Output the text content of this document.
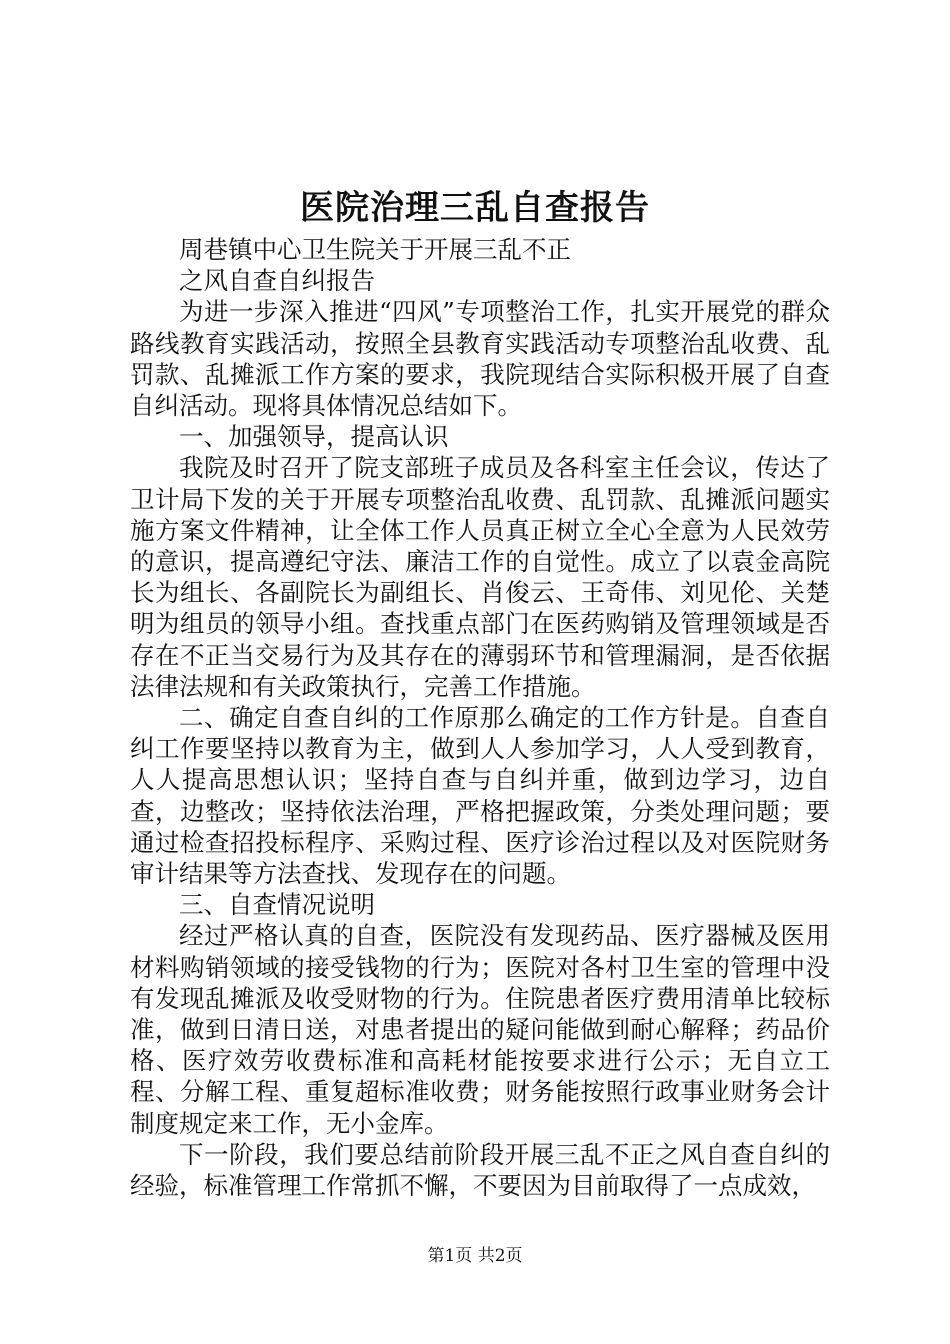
医院治理三乱自查报告

周巷镇中心卫生院关于开展三乱不正

之风自查自纠报告

为进一步深入推进“四风”专项整治工作，扎实开展党的群众路线教育实践活动，按照全县教育实践活动专项整治乱收费、乱罚款、乱摊派工作方案的要求，我院现结合实际积极开展了自查自纠活动。现将具体情况总结如下。

一、加强领导，提高认识

我院及时召开了院支部班子成员及各科室主任会议，传达了卫计局下发的关于开展专项整治乱收费、乱罚款、乱摊派问题实施方案文件精神，让全体工作人员真正树立全心全意为人民效劳的意识，提高遵纪守法、廉洁工作的自觉性。成立了以袁金高院长为组长、各副院长为副组长、肖俊云、王奇伟、刘见伦、关楚明为组员的领导小组。查找重点部门在医药购销及管理领域是否存在不正当交易行为及其存在的薄弱环节和管理漏洞，是否依据法律法规和有关政策执行，完善工作措施。

二、确定自查自纠的工作原那么确定的工作方针是。自查自纠工作要坚持以教育为主，做到人人参加学习，人人受到教育，人人提高思想认识；坚持自查与自纠并重，做到边学习，边自查，边整改；坚持依法治理，严格把握政策，分类处理问题；要通过检查招投标程序、采购过程、医疗诊治过程以及对医院财务审计结果等方法查找、发现存在的问题。

三、自查情况说明

经过严格认真的自查，医院没有发现药品、医疗器械及医用材料购销领域的接受钱物的行为；医院对各村卫生室的管理中没有发现乱摊派及收受财物的行为。住院患者医疗费用清单比较标准，做到日清日送，对患者提出的疑问能做到耐心解释；药品价格、医疗效劳收费标准和高耗材能按要求进行公示；无自立工程、分解工程、重复超标准收费；财务能按照行政事业财务会计制度规定来工作，无小金库。

下一阶段，我们要总结前阶段开展三乱不正之风自查自纠的经验，标准管理工作常抓不懈，不要因为目前取得了一点成效，

第1页 共2页
